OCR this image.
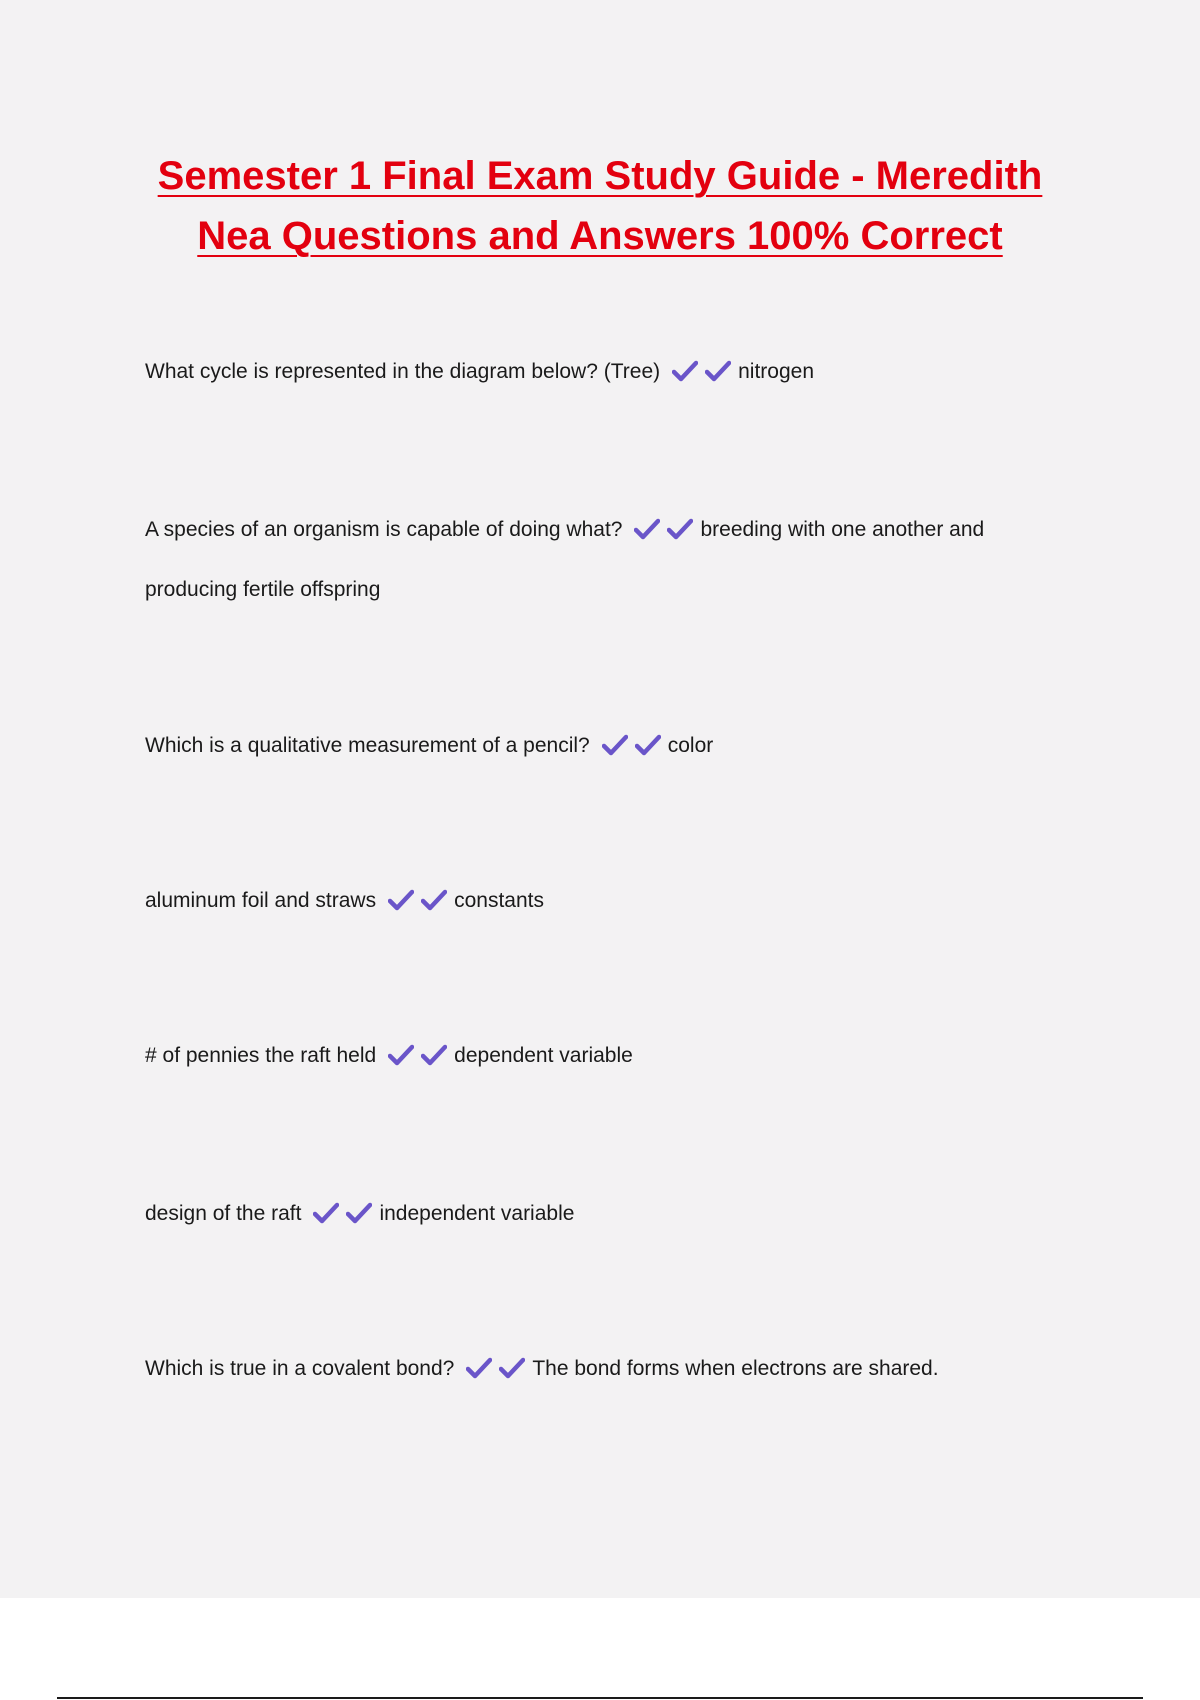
Semester 1 Final Exam Study Guide - Meredith
Nea Questions and Answers 100% Correct

What cycle is represented in the diagram below? (Tree)	nitrogen

A species of an organism is capable of doing what?	breeding with one another and producing fertile offspring

Which is a qualitative measurement of a pencil?	color

aluminum foil and straws	constants

# of pennies the raft held	dependent variable

design of the raft	independent variable

Which is true in a covalent bond?	The bond forms when electrons are shared.
